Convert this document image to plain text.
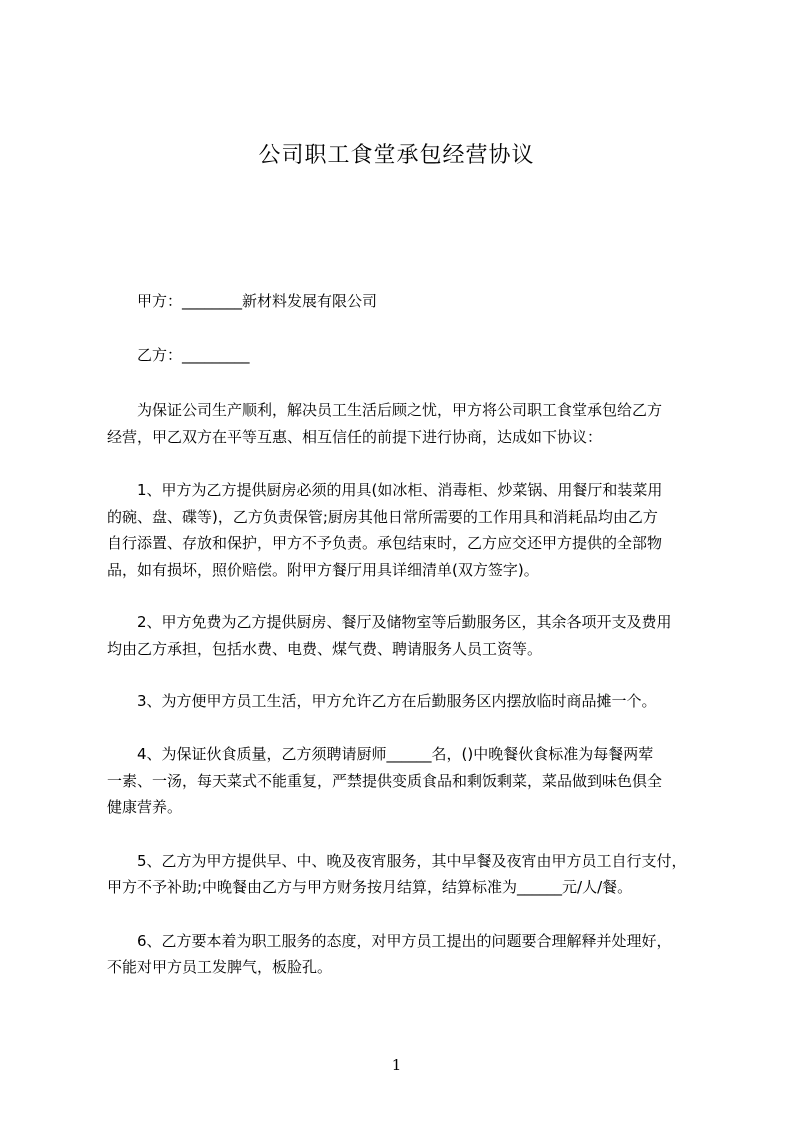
公司职工食堂承包经营协议
甲方：________新材料发展有限公司
乙方：_________
为保证公司生产顺利，解决员工生活后顾之忧，甲方将公司职工食堂承包给乙方
经营，甲乙双方在平等互惠、相互信任的前提下进行协商，达成如下协议：
1、甲方为乙方提供厨房必须的用具(如冰柜、消毒柜、炒菜锅、用餐厅和装菜用
的碗、盘、碟等)，乙方负责保管;厨房其他日常所需要的工作用具和消耗品均由乙方
自行添置、存放和保护，甲方不予负责。承包结束时，乙方应交还甲方提供的全部物
品，如有损坏，照价赔偿。附甲方餐厅用具详细清单(双方签字)。
2、甲方免费为乙方提供厨房、餐厅及储物室等后勤服务区，其余各项开支及费用
均由乙方承担，包括水费、电费、煤气费、聘请服务人员工资等。
3、为方便甲方员工生活，甲方允许乙方在后勤服务区内摆放临时商品摊一个。
4、为保证伙食质量，乙方须聘请厨师______名，()中晚餐伙食标准为每餐两荤
一素、一汤，每天菜式不能重复，严禁提供变质食品和剩饭剩菜，菜品做到味色俱全
健康营养。
5、乙方为甲方提供早、中、晚及夜宵服务，其中早餐及夜宵由甲方员工自行支付，
甲方不予补助;中晚餐由乙方与甲方财务按月结算，结算标准为______元/人/餐。
6、乙方要本着为职工服务的态度，对甲方员工提出的问题要合理解释并处理好，
不能对甲方员工发脾气，板脸孔。
1
